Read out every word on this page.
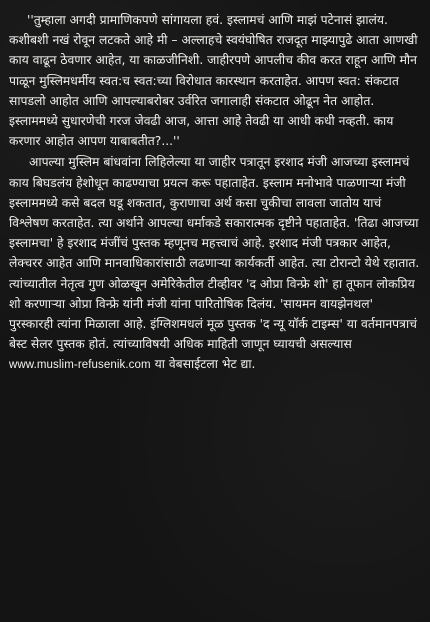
''तुम्हाला अगदी प्रामाणिकपणे सांगायला हवं. इस्लामचं आणि माझं पटेनासं झालंय. कशीबशी नखं रोवून लटकते आहे मी – अल्लाहचे स्वयंघोषित राजदूत माझ्यापुढे आता आणखी काय वाढून ठेवणार आहेत, या काळजीनिशी. जाहीरपणे आपलीच कीव करत राहून आणि मौन पाळून मुस्लिमधर्मीय स्वत:च स्वत:च्या विरोधात कारस्थान करताहेत. आपण स्वत: संकटात सापडलो आहोत आणि आपल्याबरोबर उर्वरित जगालाही संकटात ओढून नेत आहोत. इस्लाममध्ये सुधारणेची गरज जेवढी आज, आत्ता आहे तेवढी या आधी कधी नव्हती. काय करणार आहोत आपण याबाबतीत?...''

आपल्या मुस्लिम बांधवांना लिहिलेल्या या जाहीर पत्रातून इरशाद मंजी आजच्या इस्लामचं काय बिघडलंय हेशोधून काढण्याचा प्रयत्न करू पहाताहेत. इस्लाम मनोभावे पाळणाऱ्या मंजी इस्लाममध्ये कसे बदल घडू शकतात, कुराणाचा अर्थ कसा चुकीचा लावला जातोय याचं विश्लेषण करताहेत. त्या अर्थाने आपल्या धर्माकडे सकारात्मक दृष्टीने पहाताहेत. 'तिढा आजच्या इस्लामचा' हे इरशाद मंजींचं पुस्तक म्हणूनच महत्त्वाचं आहे. इरशाद मंजी पत्रकार आहेत, लेक्चरर आहेत आणि मानवाधिकारांसाठी लढणाऱ्या कार्यकर्ती आहेत. त्या टोरान्टो येथे रहातात. त्यांच्यातील नेतृत्व गुण ओळखून अमेरिकेतील टीव्हीवर 'द ओप्रा विन्फ्रे शो' हा तूफान लोकप्रिय शो करणाऱ्या ओप्रा विन्फ्रे यांनी मंजी यांना पारितोषिक दिलंय. 'सायमन वायझेनथल' पुरस्कारही त्यांना मिळाला आहे. इंग्लिशमधलं मूळ पुस्तक 'द न्यू यॉर्क टाइम्स' या वर्तमानपत्राचं बेस्ट सेलर पुस्तक होतं. त्यांच्याविषयी अधिक माहिती जाणून घ्यायची असल्यास www.muslim-refusenik.com या वेबसाईटला भेट द्या.
